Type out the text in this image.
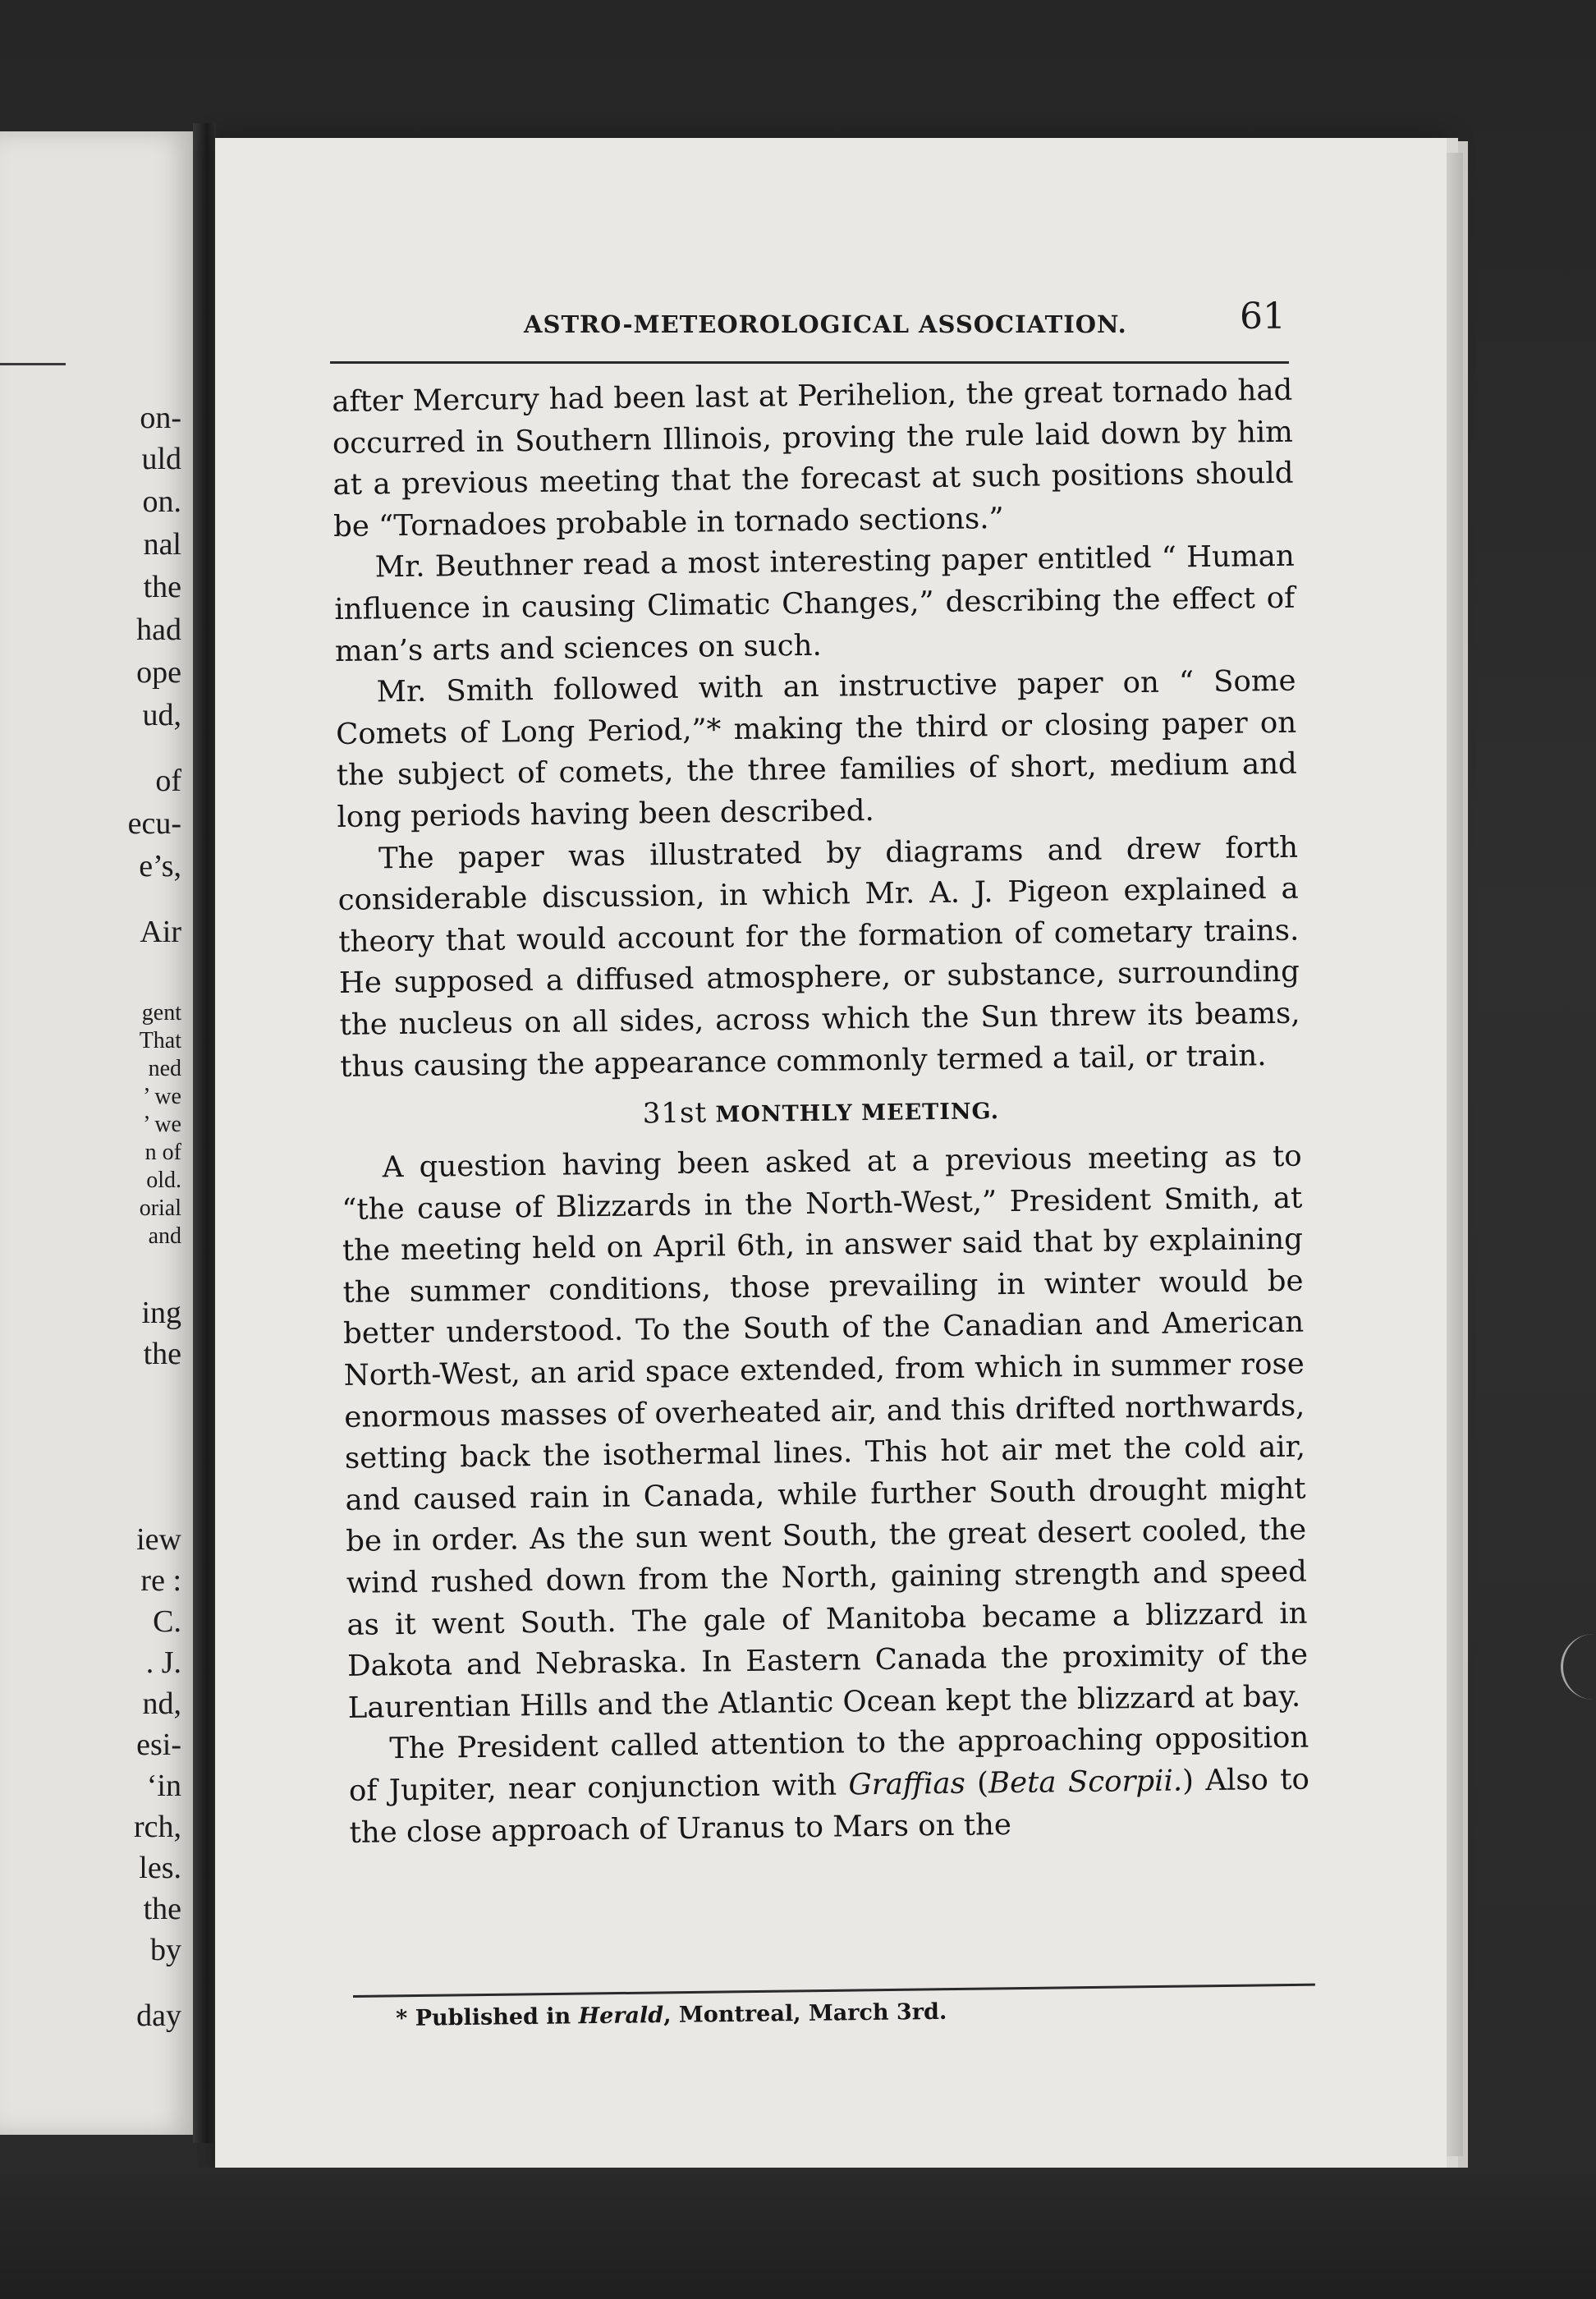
on-
uld
on.
nal
the
had
ope
ud,
of
ecu-
e’s,
Air
gent
That
ned
’ we
’ we
n of
old.
orial
and
ing
the
iew
re :
C.
. J.
nd,
esi-
‘in
rch,
les.
the
by
day
ASTRO-METEOROLOGICAL ASSOCIATION.	61

after Mercury had been last at Perihelion, the great tornado had occurred in Southern Illinois, proving the rule laid down by him at a previous meeting that the forecast at such positions should be “Tornadoes probable in tornado sections.”

Mr. Beuthner read a most interesting paper entitled “ Human influence in causing Climatic Changes,” describing the effect of man’s arts and sciences on such.

Mr. Smith followed with an instructive paper on “ Some Comets of Long Period,”* making the third or closing paper on the subject of comets, the three families of short, medium and long periods having been described.

The paper was illustrated by diagrams and drew forth considerable discussion, in which Mr. A. J. Pigeon explained a theory that would account for the formation of cometary trains. He supposed a diffused atmosphere, or substance, surrounding the nucleus on all sides, across which the Sun threw its beams, thus causing the appearance commonly termed a tail, or train.

31st MONTHLY MEETING.

A question having been asked at a previous meeting as to “the cause of Blizzards in the North-West,” President Smith, at the meeting held on April 6th, in answer said that by explaining the summer conditions, those prevailing in winter would be better understood. To the South of the Canadian and American North-West, an arid space extended, from which in summer rose enormous masses of overheated air, and this drifted northwards, setting back the isothermal lines. This hot air met the cold air, and caused rain in Canada, while further South drought might be in order. As the sun went South, the great desert cooled, the wind rushed down from the North, gaining strength and speed as it went South. The gale of Manitoba became a blizzard in Dakota and Nebraska. In Eastern Canada the proximity of the Laurentian Hills and the Atlantic Ocean kept the blizzard at bay.

The President called attention to the approaching opposition of Jupiter, near conjunction with Graffias (Beta Scorpii.) Also to the close approach of Uranus to Mars on the

* Published in Herald, Montreal, March 3rd.
